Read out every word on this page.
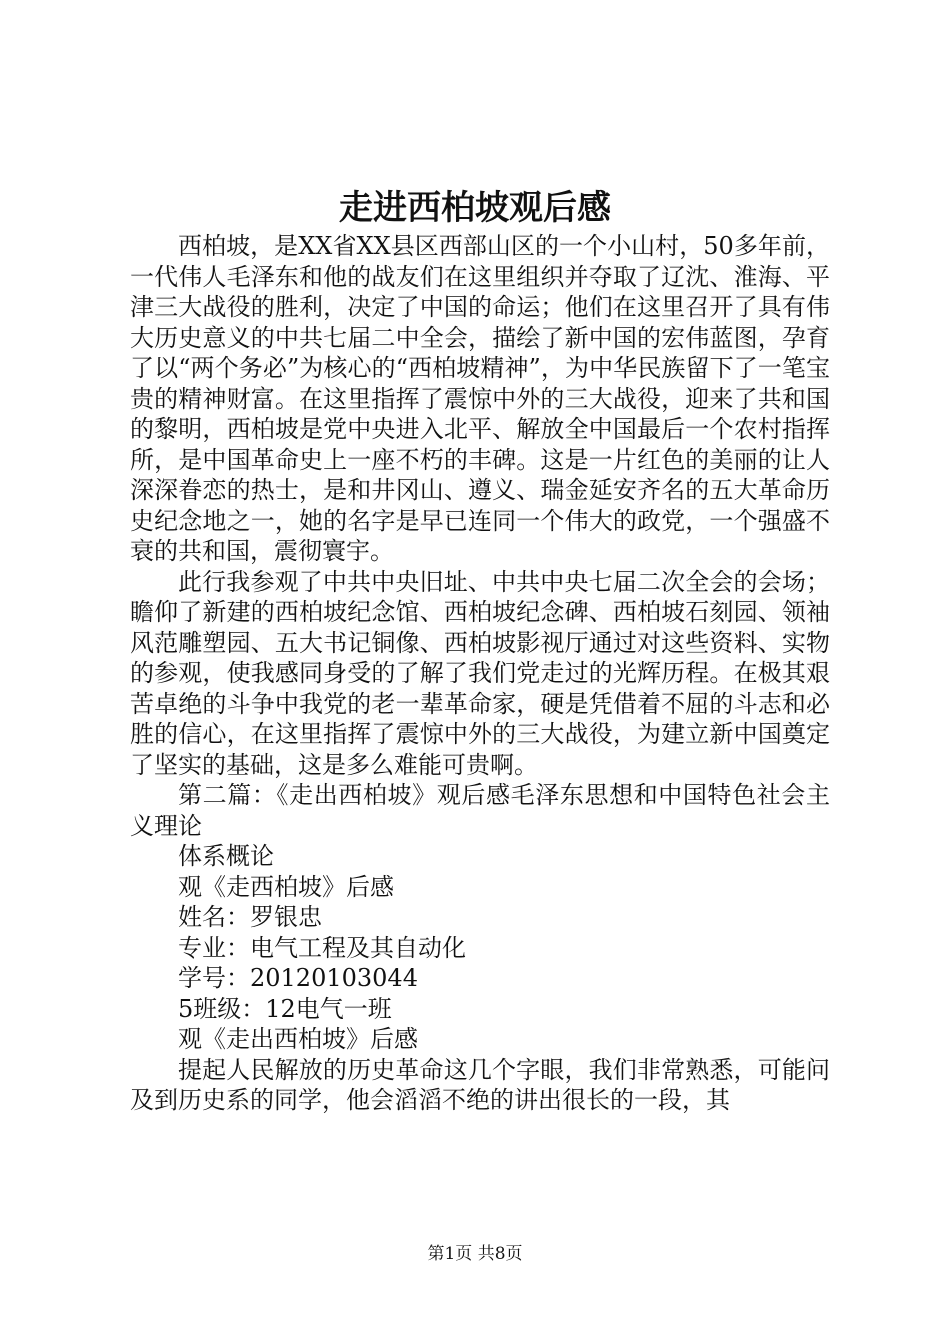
走进西柏坡观后感

西柏坡，是XX省XX县区西部山区的一个小山村，50多年前，一代伟人毛泽东和他的战友们在这里组织并夺取了辽沈、淮海、平津三大战役的胜利，决定了中国的命运；他们在这里召开了具有伟大历史意义的中共七届二中全会，描绘了新中国的宏伟蓝图，孕育了以“两个务必”为核心的“西柏坡精神”，为中华民族留下了一笔宝贵的精神财富。在这里指挥了震惊中外的三大战役，迎来了共和国的黎明，西柏坡是党中央进入北平、解放全中国最后一个农村指挥所，是中国革命史上一座不朽的丰碑。这是一片红色的美丽的让人深深眷恋的热士，是和井冈山、遵义、瑞金延安齐名的五大革命历史纪念地之一，她的名字是早已连同一个伟大的政党，一个强盛不衰的共和国，震彻寰宇。

此行我参观了中共中央旧址、中共中央七届二次全会的会场；瞻仰了新建的西柏坡纪念馆、西柏坡纪念碑、西柏坡石刻园、领袖风范雕塑园、五大书记铜像、西柏坡影视厅通过对这些资料、实物的参观，使我感同身受的了解了我们党走过的光辉历程。在极其艰苦卓绝的斗争中我党的老一辈革命家，硬是凭借着不屈的斗志和必胜的信心，在这里指挥了震惊中外的三大战役，为建立新中国奠定了坚实的基础，这是多么难能可贵啊。

第二篇：《走出西柏坡》观后感毛泽东思想和中国特色社会主义理论

体系概论
观《走西柏坡》后感
姓名：罗银忠
专业：电气工程及其自动化
学号：20120103044
5班级：12电气一班
观《走出西柏坡》后感

提起人民解放的历史革命这几个字眼，我们非常熟悉，可能问及到历史系的同学，他会滔滔不绝的讲出很长的一段，其

第1页 共8页
